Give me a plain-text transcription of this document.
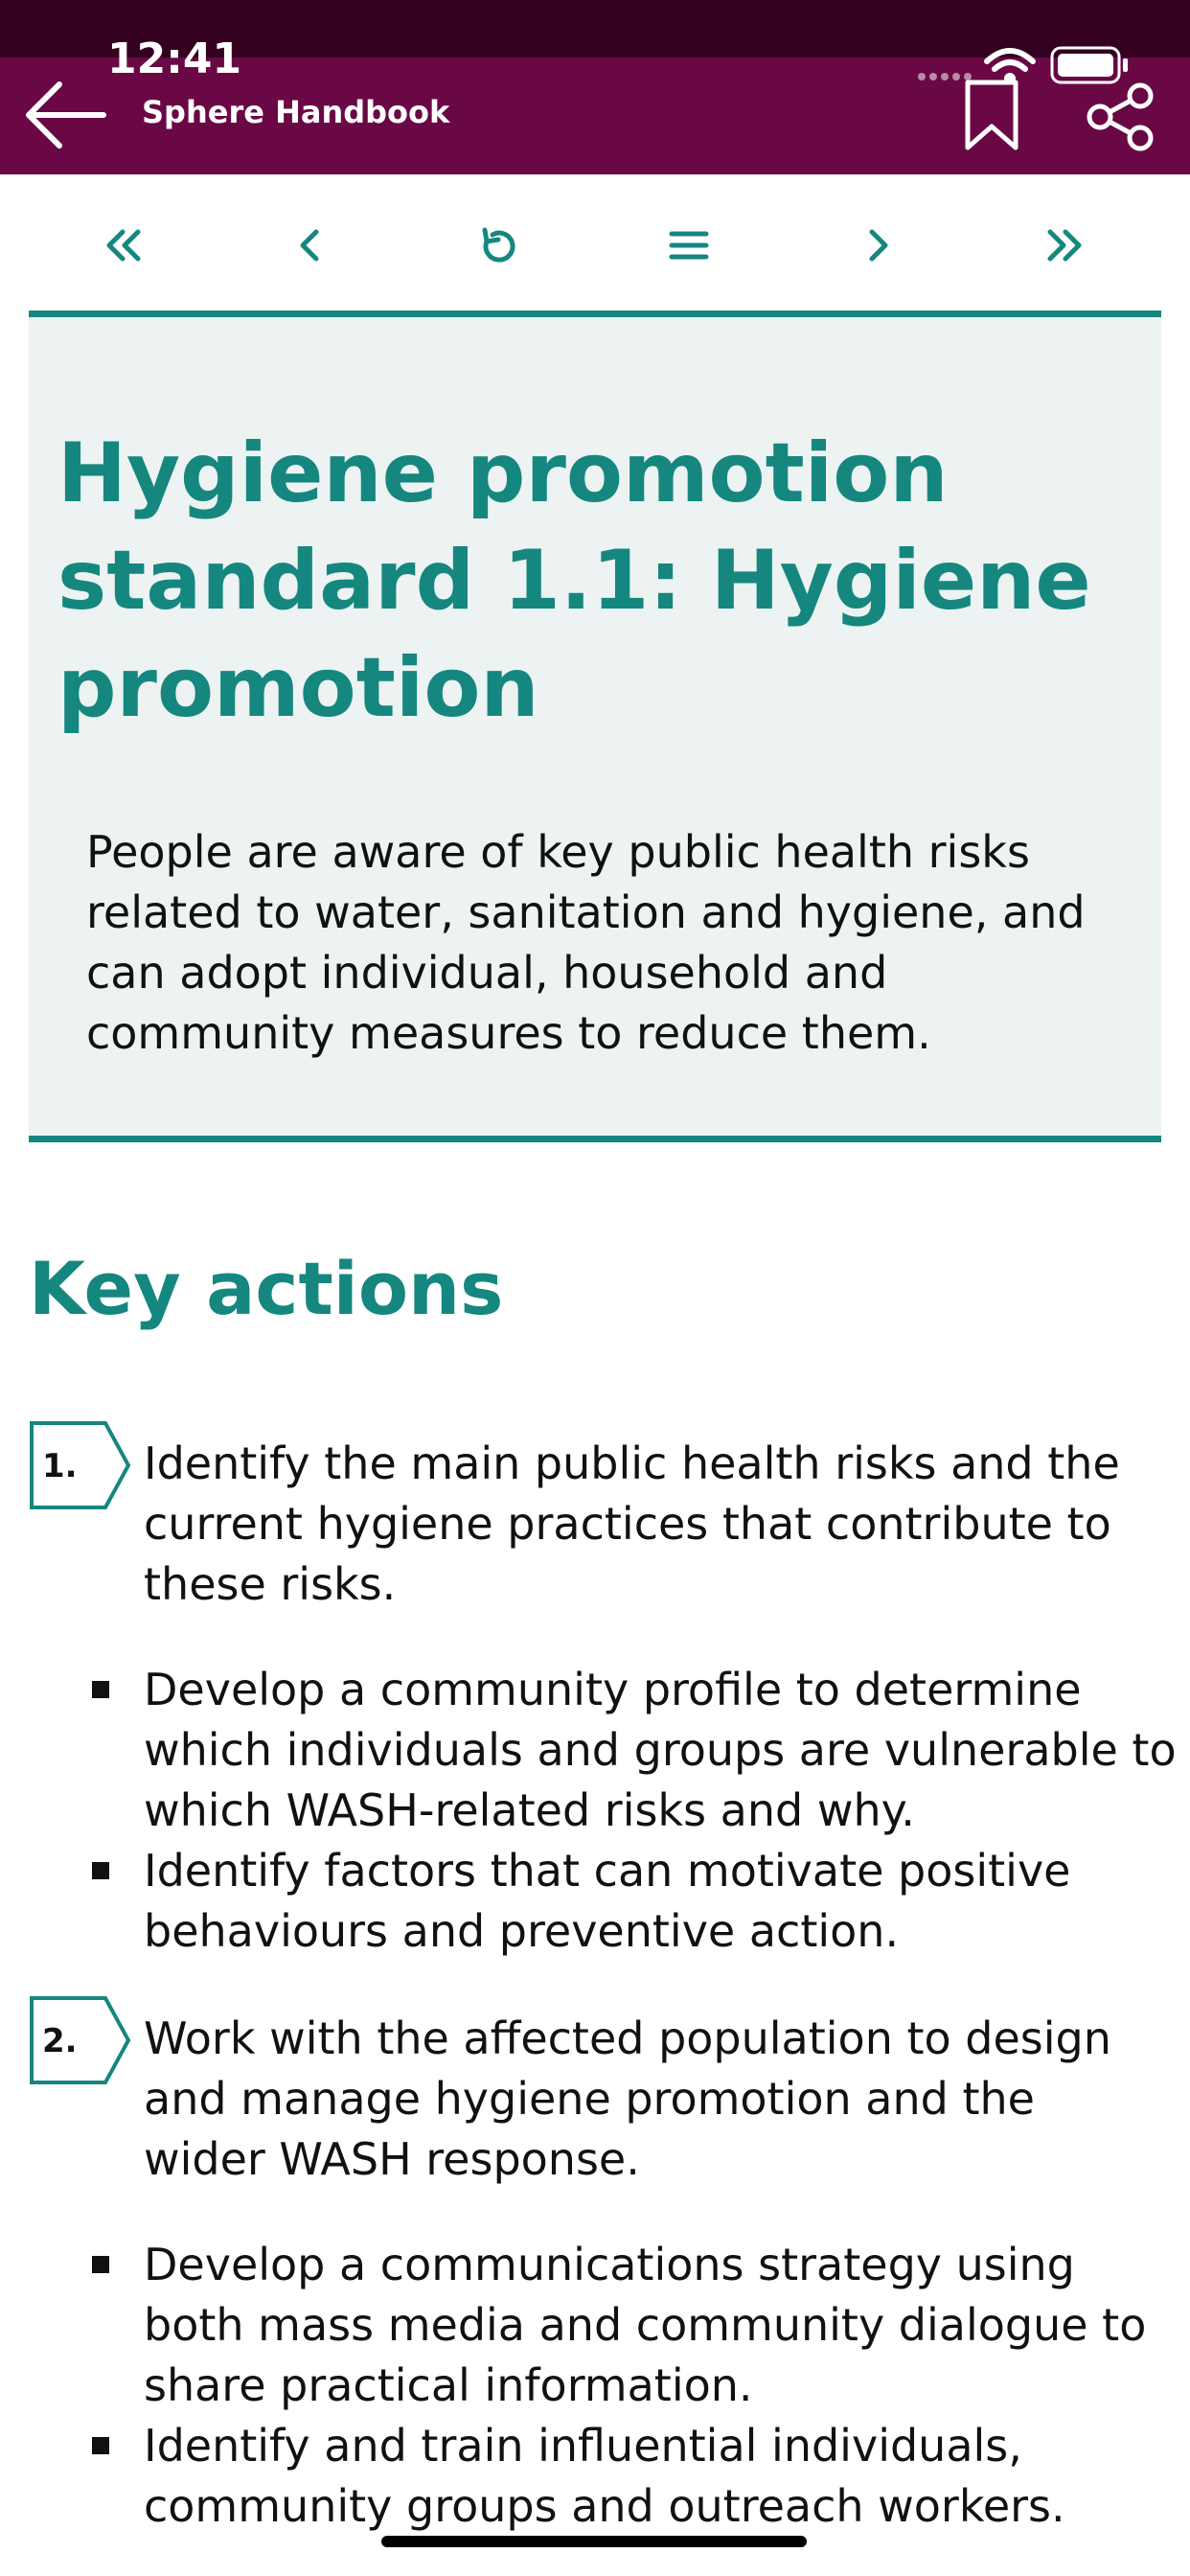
12:41
Sphere Handbook
Hygiene promotion standard 1.1: Hygiene promotion

People are aware of key public health risks related to water, sanitation and hygiene, and can adopt individual, household and community measures to reduce them.

Key actions
1. Identify the main public health risks and the current hygiene practices that contribute to these risks.

Develop a community profile to determine which individuals and groups are vulnerable to which WASH-related risks and why.

Identify factors that can motivate positive behaviours and preventive action.

2. Work with the affected population to design and manage hygiene promotion and the wider WASH response.

Develop a communications strategy using both mass media and community dialogue to share practical information.

Identify and train influential individuals, community groups and outreach workers.
